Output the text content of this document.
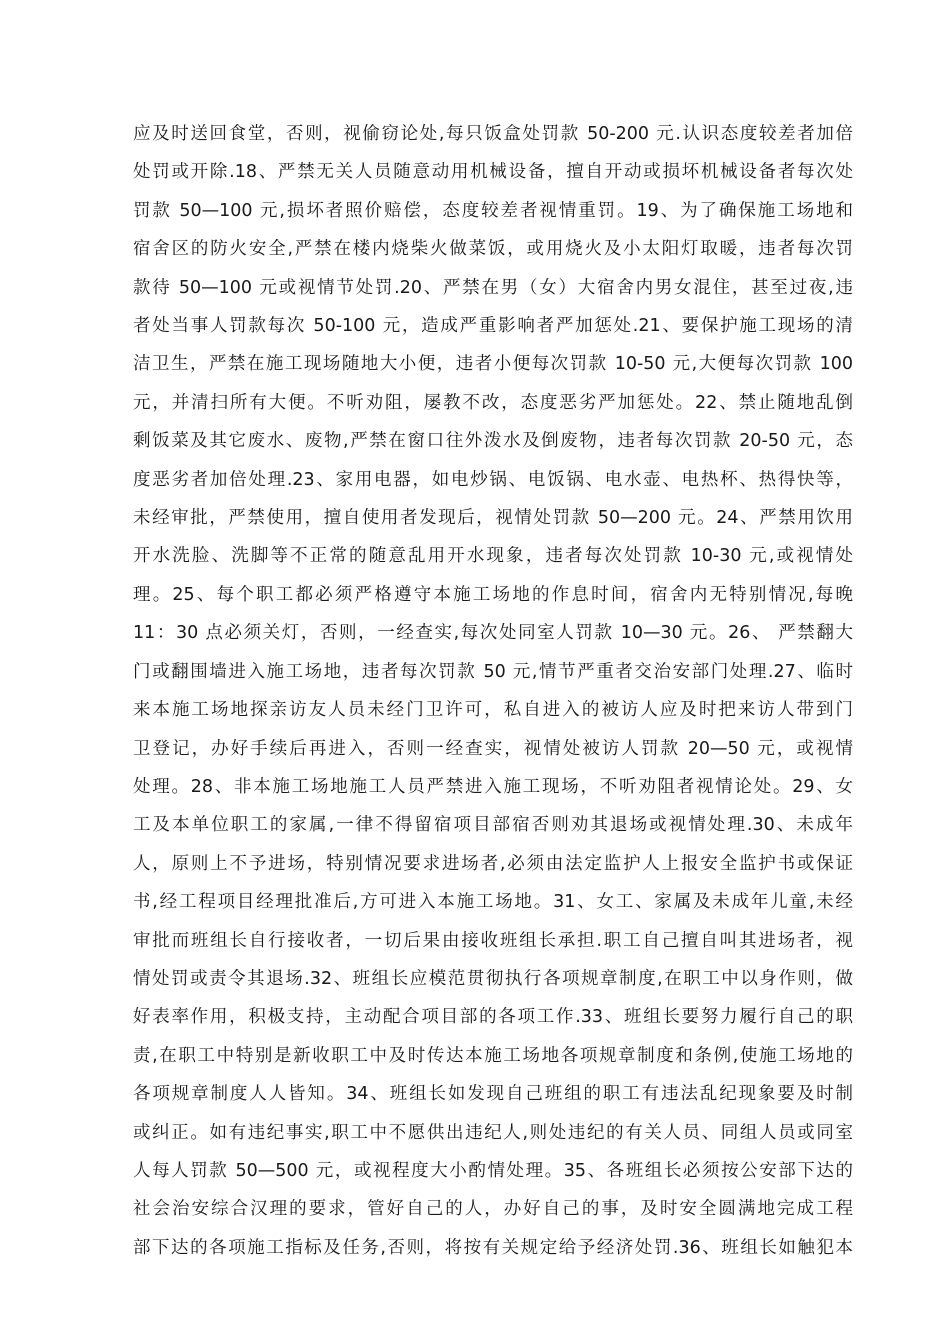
应及时送回食堂，否则，视偷窃论处,每只饭盒处罚款 50-200 元.认识态度较差者加倍
处罚或开除.18、严禁无关人员随意动用机械设备，擅自开动或损坏机械设备者每次处
罚款 50—100 元,损坏者照价赔偿，态度较差者视情重罚。19、为了确保施工场地和
宿舍区的防火安全,严禁在楼内烧柴火做菜饭，或用烧火及小太阳灯取暖，违者每次罚
款待 50—100 元或视情节处罚.20、严禁在男（女）大宿舍内男女混住，甚至过夜,违
者处当事人罚款每次 50-100 元，造成严重影响者严加惩处.21、要保护施工现场的清
洁卫生，严禁在施工现场随地大小便，违者小便每次罚款 10-50 元,大便每次罚款 100
元，并清扫所有大便。不听劝阻，屡教不改，态度恶劣严加惩处。22、禁止随地乱倒
剩饭菜及其它废水、废物,严禁在窗口往外泼水及倒废物，违者每次罚款 20-50 元，态
度恶劣者加倍处理.23、家用电器，如电炒锅、电饭锅、电水壶、电热杯、热得快等，
未经审批，严禁使用，擅自使用者发现后，视情处罚款 50—200 元。24、严禁用饮用
开水洗脸、洗脚等不正常的随意乱用开水现象，违者每次处罚款 10-30 元,或视情处
理。25、每个职工都必须严格遵守本施工场地的作息时间，宿舍内无特别情况,每晚
11：30 点必须关灯，否则，一经查实,每次处同室人罚款 10—30 元。26、 严禁翻大
门或翻围墙进入施工场地，违者每次罚款 50 元,情节严重者交治安部门处理.27、临时
来本施工场地探亲访友人员未经门卫许可，私自进入的被访人应及时把来访人带到门
卫登记，办好手续后再进入，否则一经查实，视情处被访人罚款 20—50 元，或视情
处理。28、非本施工场地施工人员严禁进入施工现场，不听劝阻者视情论处。29、女
工及本单位职工的家属,一律不得留宿项目部宿否则劝其退场或视情处理.30、未成年
人，原则上不予进场，特别情况要求进场者,必须由法定监护人上报安全监护书或保证
书,经工程项目经理批准后,方可进入本施工场地。31、女工、家属及未成年儿童,未经
审批而班组长自行接收者，一切后果由接收班组长承担.职工自己擅自叫其进场者，视
情处罚或责令其退场.32、班组长应模范贯彻执行各项规章制度,在职工中以身作则，做
好表率作用，积极支持，主动配合项目部的各项工作.33、班组长要努力履行自己的职
责,在职工中特别是新收职工中及时传达本施工场地各项规章制度和条例,使施工场地的
各项规章制度人人皆知。34、班组长如发现自己班组的职工有违法乱纪现象要及时制
或纠正。如有违纪事实,职工中不愿供出违纪人,则处违纪的有关人员、同组人员或同室
人每人罚款 50—500 元，或视程度大小酌情处理。35、各班组长必须按公安部下达的
社会治安综合汉理的要求，管好自己的人，办好自己的事，及时安全圆满地完成工程
部下达的各项施工指标及任务,否则，将按有关规定给予经济处罚.36、班组长如触犯本
